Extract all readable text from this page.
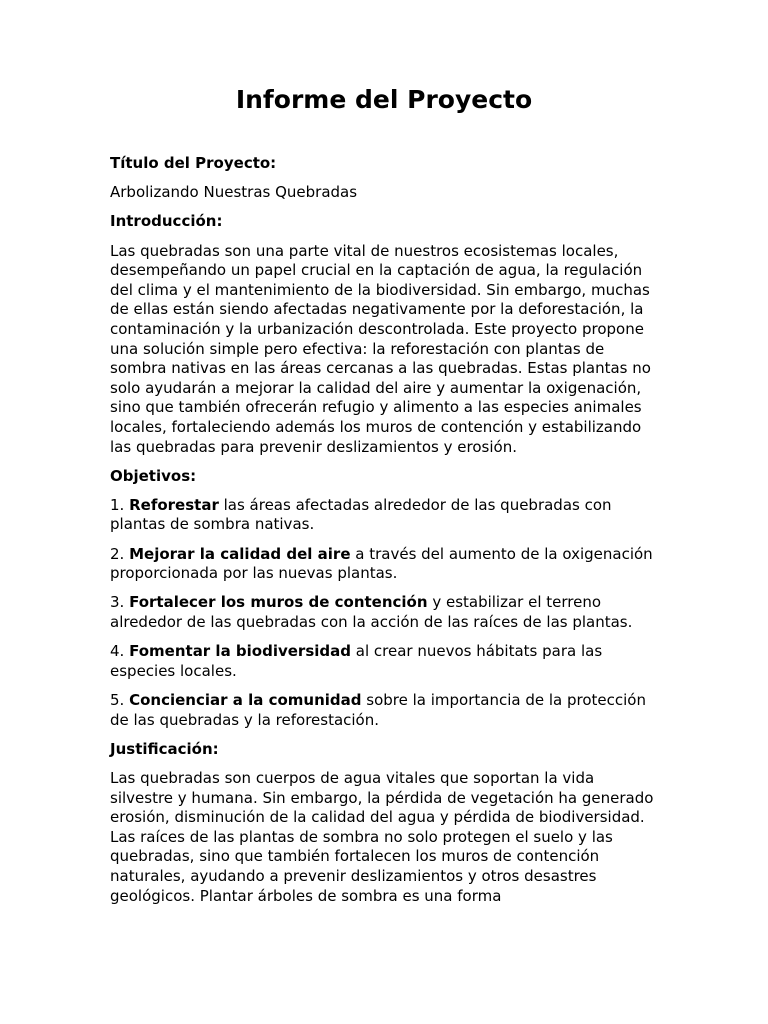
Informe del Proyecto

Título del Proyecto:

Arbolizando Nuestras Quebradas

Introducción:

Las quebradas son una parte vital de nuestros ecosistemas locales, desempeñando un papel crucial en la captación de agua, la regulación del clima y el mantenimiento de la biodiversidad. Sin embargo, muchas de ellas están siendo afectadas negativamente por la deforestación, la contaminación y la urbanización descontrolada. Este proyecto propone una solución simple pero efectiva: la reforestación con plantas de sombra nativas en las áreas cercanas a las quebradas. Estas plantas no solo ayudarán a mejorar la calidad del aire y aumentar la oxigenación, sino que también ofrecerán refugio y alimento a las especies animales locales, fortaleciendo además los muros de contención y estabilizando las quebradas para prevenir deslizamientos y erosión.

Objetivos:

1. Reforestar las áreas afectadas alrededor de las quebradas con plantas de sombra nativas.

2. Mejorar la calidad del aire a través del aumento de la oxigenación proporcionada por las nuevas plantas.

3. Fortalecer los muros de contención y estabilizar el terreno alrededor de las quebradas con la acción de las raíces de las plantas.

4. Fomentar la biodiversidad al crear nuevos hábitats para las especies locales.

5. Concienciar a la comunidad sobre la importancia de la protección de las quebradas y la reforestación.

Justificación:

Las quebradas son cuerpos de agua vitales que soportan la vida silvestre y humana. Sin embargo, la pérdida de vegetación ha generado erosión, disminución de la calidad del agua y pérdida de biodiversidad. Las raíces de las plantas de sombra no solo protegen el suelo y las quebradas, sino que también fortalecen los muros de contención naturales, ayudando a prevenir deslizamientos y otros desastres geológicos. Plantar árboles de sombra es una forma
